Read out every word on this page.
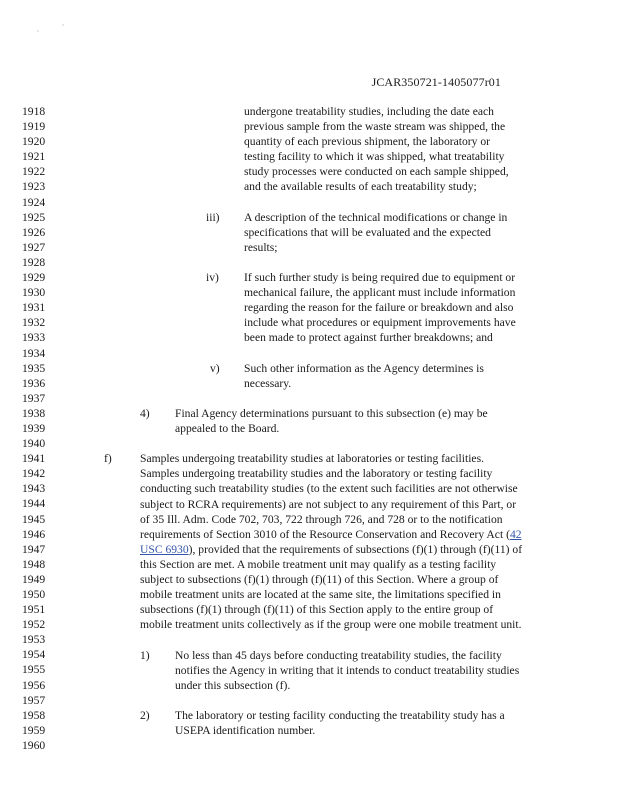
JCAR350721-1405077r01
1918
1919
1920
1921
1922
1923
1924
1925
1926
1927
1928
1929
1930
1931
1932
1933
1934
1935
1936
1937
1938
1939
1940
1941
1942
1943
1944
1945
1946
1947
1948
1949
1950
1951
1952
1953
1954
1955
1956
1957
1958
1959
1960
undergone treatability studies, including the date each
previous sample from the waste stream was shipped, the
quantity of each previous shipment, the laboratory or
testing facility to which it was shipped, what treatability
study processes were conducted on each sample shipped,
and the available results of each treatability study;
iii) A description of the technical modifications or change in
specifications that will be evaluated and the expected
results;
iv) If such further study is being required due to equipment or
mechanical failure, the applicant must include information
regarding the reason for the failure or breakdown and also
include what procedures or equipment improvements have
been made to protect against further breakdowns; and
v) Such other information as the Agency determines is
necessary.
4) Final Agency determinations pursuant to this subsection (e) may be
appealed to the Board.
f) Samples undergoing treatability studies at laboratories or testing facilities.
Samples undergoing treatability studies and the laboratory or testing facility
conducting such treatability studies (to the extent such facilities are not otherwise
subject to RCRA requirements) are not subject to any requirement of this Part, or
of 35 Ill. Adm. Code 702, 703, 722 through 726, and 728 or to the notification
requirements of Section 3010 of the Resource Conservation and Recovery Act (42
USC 6930), provided that the requirements of subsections (f)(1) through (f)(11) of
this Section are met. A mobile treatment unit may qualify as a testing facility
subject to subsections (f)(1) through (f)(11) of this Section. Where a group of
mobile treatment units are located at the same site, the limitations specified in
subsections (f)(1) through (f)(11) of this Section apply to the entire group of
mobile treatment units collectively as if the group were one mobile treatment unit.
1) No less than 45 days before conducting treatability studies, the facility
notifies the Agency in writing that it intends to conduct treatability studies
under this subsection (f).
2) The laboratory or testing facility conducting the treatability study has a
USEPA identification number.
